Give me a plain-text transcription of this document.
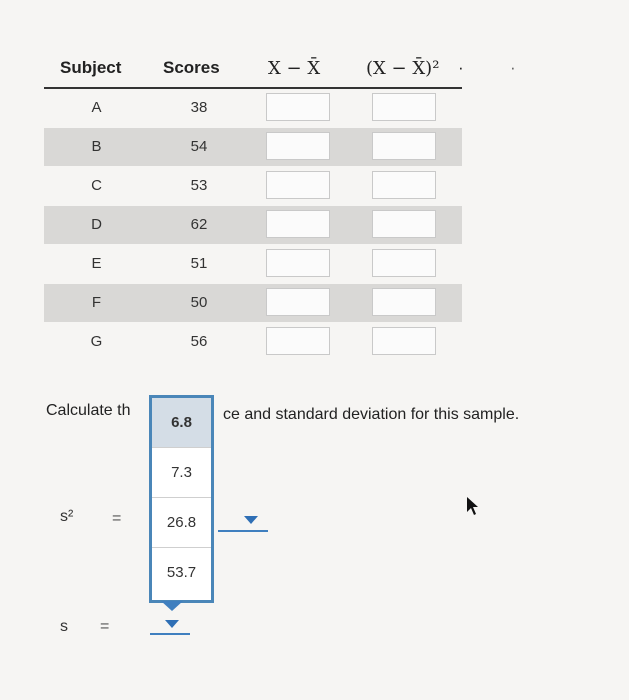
Subject Scores	X − X̄	(X − X̄)² ·	·
A	38
B	54
C	53
D	62
E	51
F	50
G	56
Calculate th	ce and standard deviation for this sample.
s² =
s =
6.8
7.3
26.8
53.7
